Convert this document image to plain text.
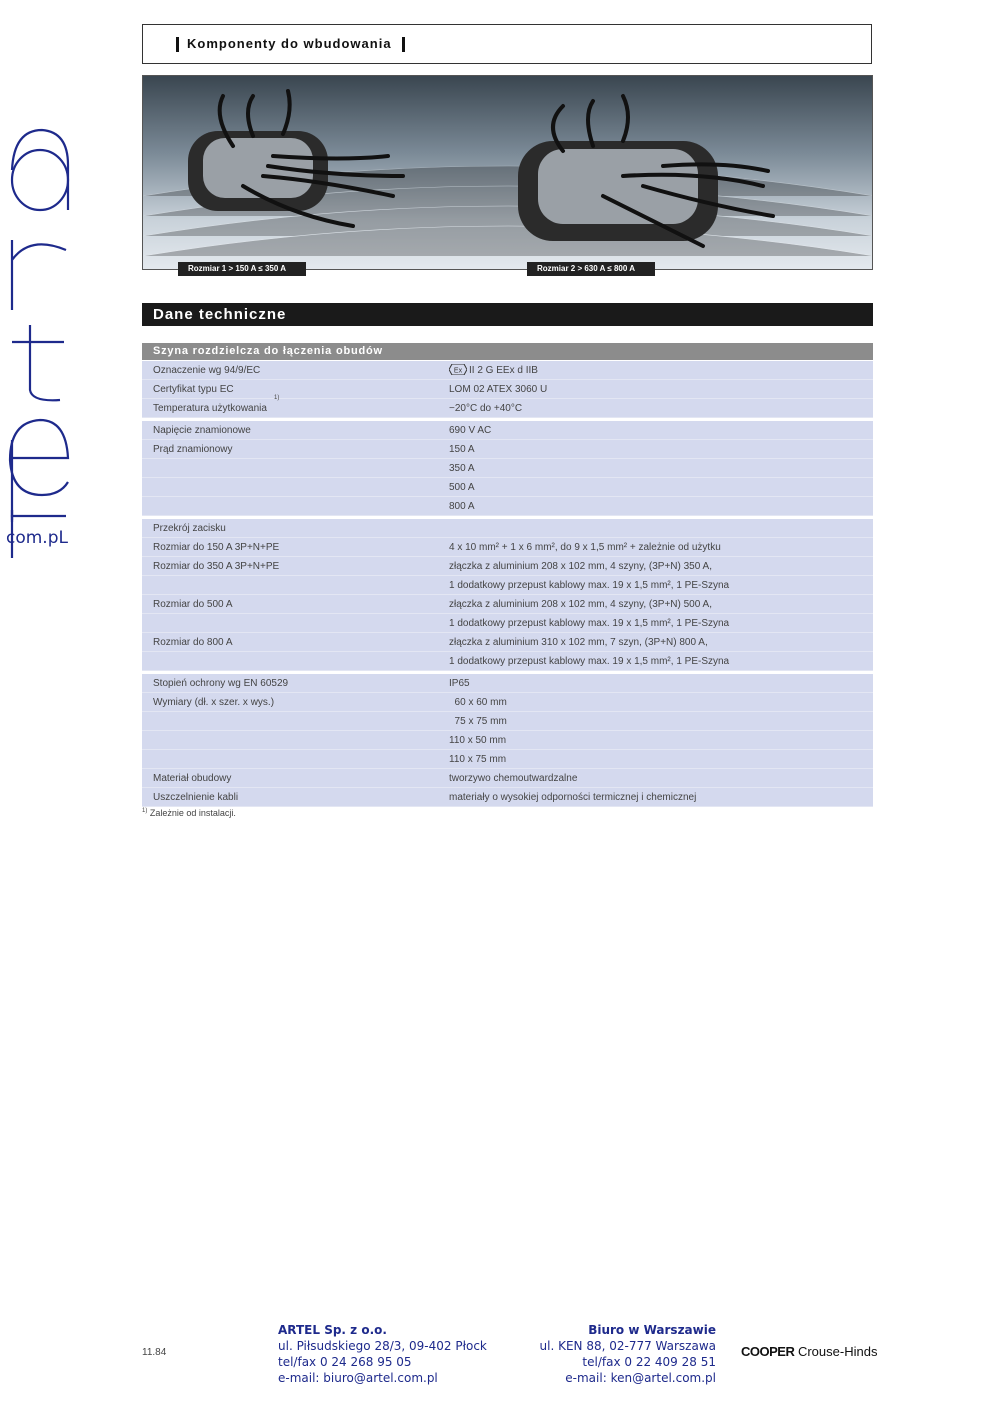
com.pL
Komponenty do wbudowania
Rozmiar 1 > 150 A ≤ 350 A	Rozmiar 2 > 630 A ≤ 800 A
Dane techniczne
Szyna rozdzielcza do łączenia obudów
Oznaczenie wg 94/9/EC	Ex II 2 G EEx d IIB
Certyfikat typu EC	LOM 02 ATEX 3060 U
Temperatura użytkowania	−20°C do +40°C
Napięcie znamionowe	690 V AC
Prąd znamionowy	150 A
350 A
500 A
800 A
Przekrój zacisku
Rozmiar do 150 A 3P+N+PE	4 x 10 mm² + 1 x 6 mm², do 9 x 1,5 mm² + zależnie od użytku
Rozmiar do 350 A 3P+N+PE	złączka z aluminium 208 x 102 mm, 4 szyny, (3P+N) 350 A,
1 dodatkowy przepust kablowy max. 19 x 1,5 mm², 1 PE-Szyna
Rozmiar do 500 A	złączka z aluminium 208 x 102 mm, 4 szyny, (3P+N) 500 A,
1 dodatkowy przepust kablowy max. 19 x 1,5 mm², 1 PE-Szyna
Rozmiar do 800 A	złączka z aluminium 310 x 102 mm, 7 szyn, (3P+N) 800 A,
1 dodatkowy przepust kablowy max. 19 x 1,5 mm², 1 PE-Szyna
Stopień ochrony wg EN 60529	IP65
Wymiary (dł. x szer. x wys.)	60 x 60 mm
75 x 75 mm
110 x 50 mm
110 x 75 mm
Materiał obudowy	tworzywo chemoutwardzalne
Uszczelnienie kabli	materiały o wysokiej odporności termicznej i chemicznej
$^{1)}$ Zależnie od instalacji.
11.84
ARTEL Sp. z o.o.
ul. Piłsudskiego 28/3, 09-402 Płock
tel/fax 0 24 268 95 05
e-mail: biuro@artel.com.pl
Biuro w Warszawie
ul. KEN 88, 02-777 Warszawa
tel/fax 0 22 409 28 51
e-mail: ken@artel.com.pl
COOPER Crouse-Hinds
